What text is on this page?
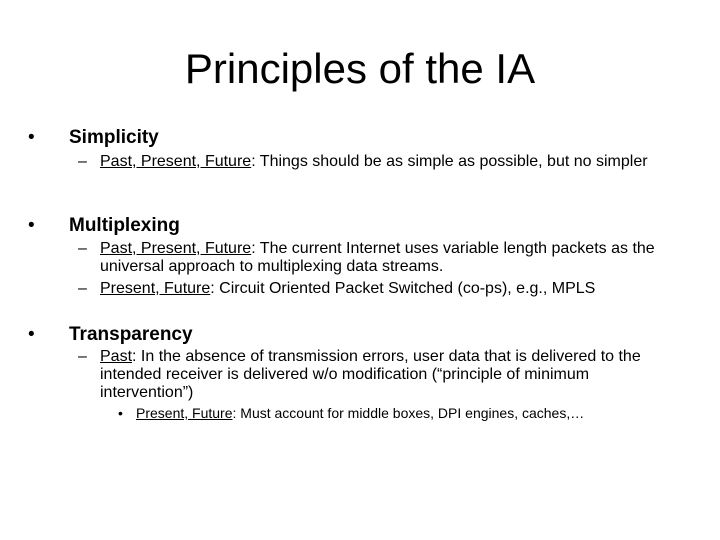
Principles of the IA
• Simplicity
– Past, Present, Future: Things should be as simple as possible, but no simpler
• Multiplexing
– Past, Present, Future: The current Internet uses variable length packets as the universal approach to multiplexing data streams.
– Present, Future: Circuit Oriented Packet Switched (co-ps), e.g., MPLS
• Transparency
– Past: In the absence of transmission errors, user data that is delivered to the intended receiver is delivered w/o modification (“principle of minimum intervention”)
• Present, Future: Must account for middle boxes, DPI engines, caches,…
